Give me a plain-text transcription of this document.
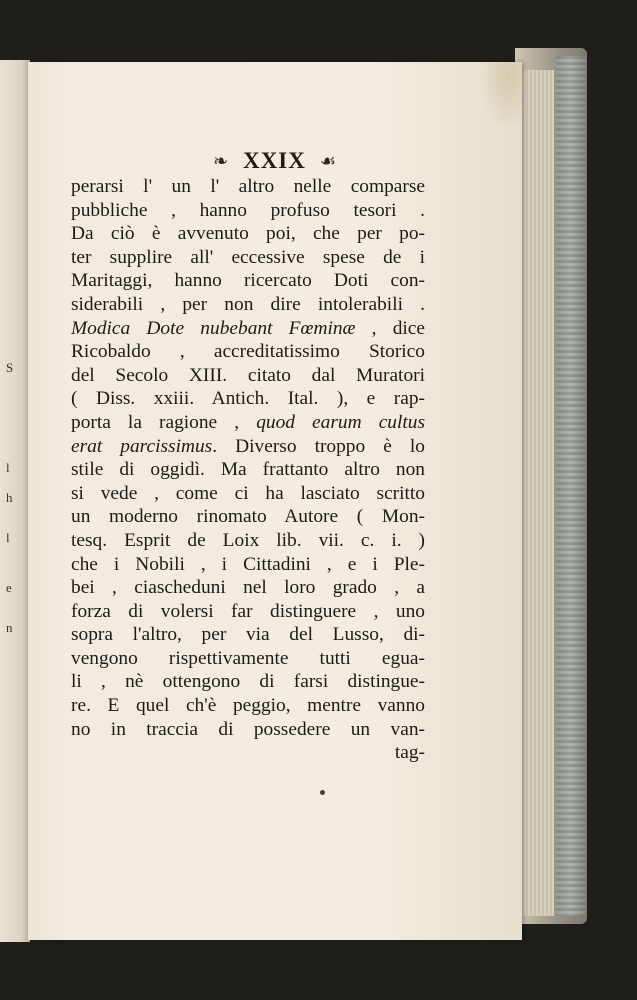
S
l
h
l
e
n
❧ XXIX ☙
perarsi l' un l' altro nelle comparse
pubbliche , hanno profuso tesori .
Da ciò è avvenuto poi, che per po-
ter supplire all' eccessive spese de i
Maritaggi, hanno ricercato Doti con-
siderabili , per non dire intolerabili .
Modica Dote nubebant Fœminæ , dice
Ricobaldo , accreditatissimo Storico
del Secolo XIII. citato dal Muratori
( Diss. xxiii. Antich. Ital. ), e rap-
porta la ragione , quod earum cultus
erat parcissimus. Diverso troppo è lo
stile di oggidì. Ma frattanto altro non
si vede , come ci ha lasciato scritto
un moderno rinomato Autore ( Mon-
tesq. Esprit de Loix lib. vii. c. i. )
che i Nobili , i Cittadini , e i Ple-
bei , ciascheduni nel loro grado , a
forza di volersi far distinguere , uno
sopra l'altro, per via del Lusso, di-
vengono rispettivamente tutti egua-
li , nè ottengono di farsi distingue-
re. E quel ch'è peggio, mentre vanno
no in traccia di possedere un van-
tag-
